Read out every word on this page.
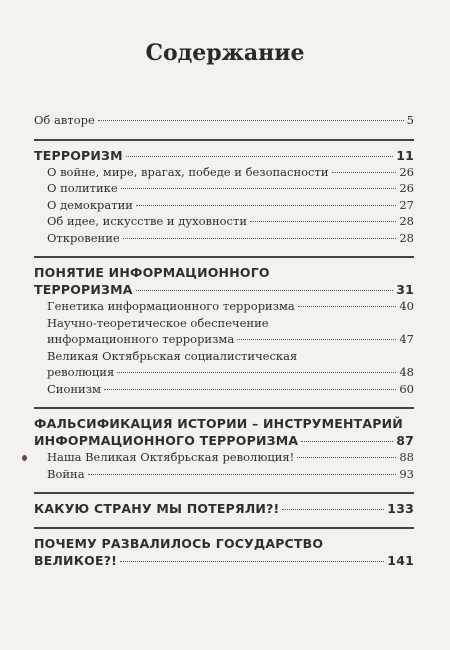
Содержание
Об авторе	5
ТЕРРОРИЗМ	11
О войне, мире, врагах, победе и безопасности	26
О политике	26
О демократии	27
Об идее, искусстве и духовности	28
Откровение	28
ПОНЯТИЕ ИНФОРМАЦИОННОГО
ТЕРРОРИЗМА	31
Генетика информационного терроризма	40
Научно-теоретическое обеспечение
информационного терроризма	47
Великая Октябрьская социалистическая
революция	48
Сионизм	60
ФАЛЬСИФИКАЦИЯ ИСТОРИИ – ИНСТРУМЕНТАРИЙ
ИНФОРМАЦИОННОГО ТЕРРОРИЗМА	87
Наша Великая Октябрьская революция!	88
Война	93
КАКУЮ СТРАНУ МЫ ПОТЕРЯЛИ?!	133
ПОЧЕМУ РАЗВАЛИЛОСЬ ГОСУДАРСТВО
ВЕЛИКОЕ?!	141
